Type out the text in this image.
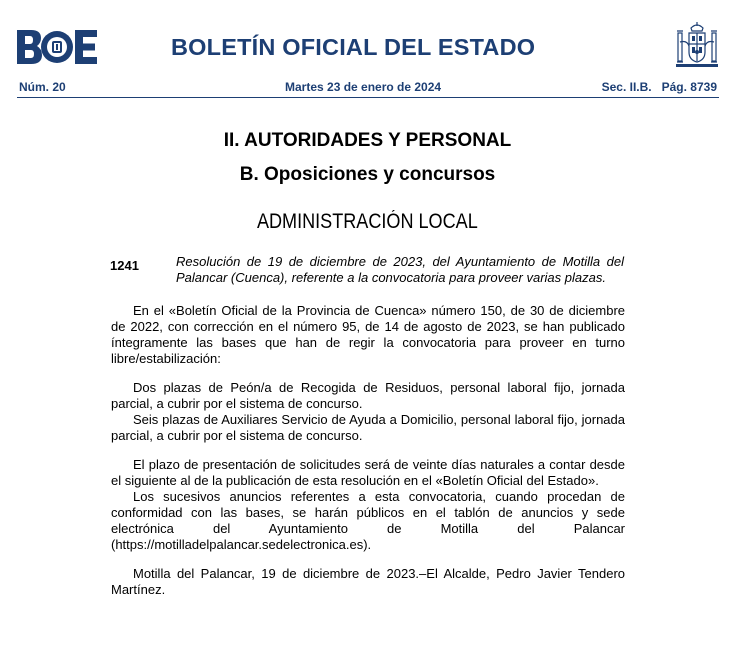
BOLETÍN OFICIAL DEL ESTADO
Núm. 20	Martes 23 de enero de 2024	Sec. II.B.   Pág. 8739
II. AUTORIDADES Y PERSONAL
B. Oposiciones y concursos
ADMINISTRACIÓN LOCAL
1241	Resolución de 19 de diciembre de 2023, del Ayuntamiento de Motilla del Palancar (Cuenca), referente a la convocatoria para proveer varias plazas.

En el «Boletín Oficial de la Provincia de Cuenca» número 150, de 30 de diciembre de 2022, con corrección en el número 95, de 14 de agosto de 2023, se han publicado íntegramente las bases que han de regir la convocatoria para proveer en turno libre/estabilización:

Dos plazas de Peón/a de Recogida de Residuos, personal laboral fijo, jornada parcial, a cubrir por el sistema de concurso.

Seis plazas de Auxiliares Servicio de Ayuda a Domicilio, personal laboral fijo, jornada parcial, a cubrir por el sistema de concurso.

El plazo de presentación de solicitudes será de veinte días naturales a contar desde el siguiente al de la publicación de esta resolución en el «Boletín Oficial del Estado».

Los sucesivos anuncios referentes a esta convocatoria, cuando procedan de conformidad con las bases, se harán públicos en el tablón de anuncios y sede electrónica del Ayuntamiento de Motilla del Palancar (https://motilladelpalancar.sedelectronica.es).

Motilla del Palancar, 19 de diciembre de 2023.–El Alcalde, Pedro Javier Tendero Martínez.
